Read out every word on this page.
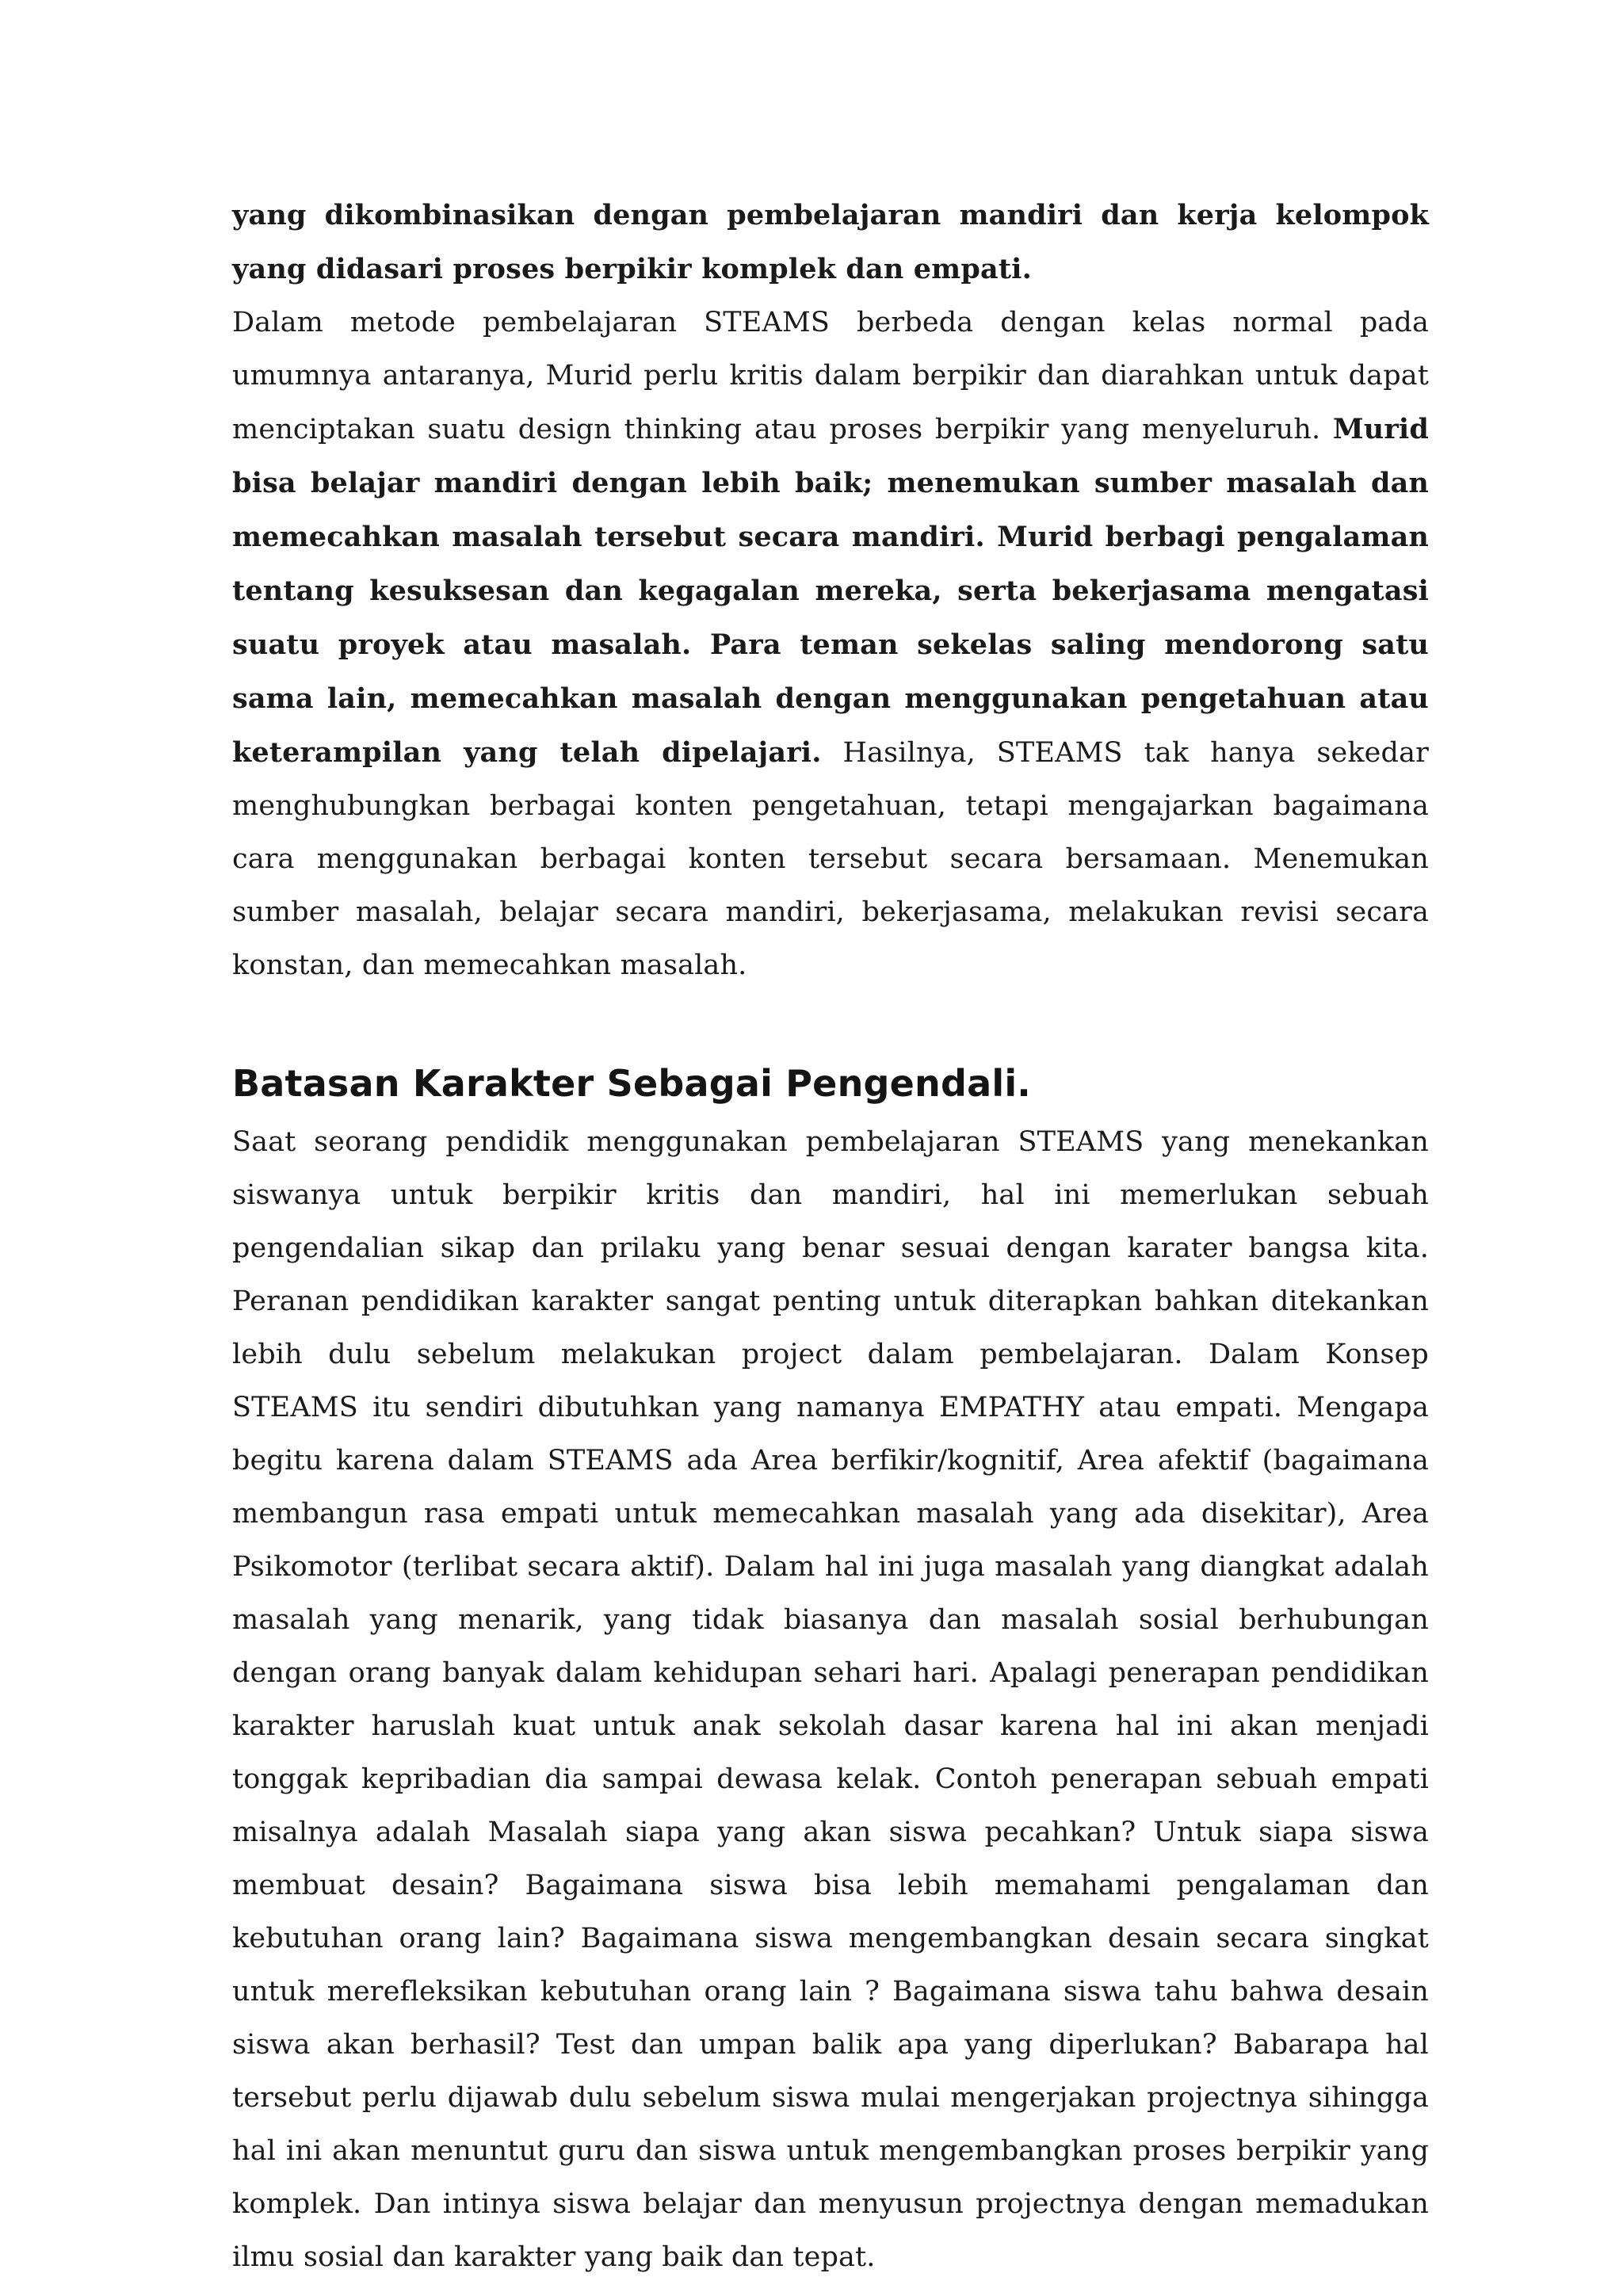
yang dikombinasikan dengan pembelajaran mandiri dan kerja kelompok yang didasari proses berpikir komplek dan empati.

Dalam metode pembelajaran STEAMS berbeda dengan kelas normal pada umumnya antaranya, Murid perlu kritis dalam berpikir dan diarahkan untuk dapat menciptakan suatu design thinking atau proses berpikir yang menyeluruh. Murid bisa belajar mandiri dengan lebih baik; menemukan sumber masalah dan memecahkan masalah tersebut secara mandiri. Murid berbagi pengalaman tentang kesuksesan dan kegagalan mereka, serta bekerjasama mengatasi suatu proyek atau masalah. Para teman sekelas saling mendorong satu sama lain, memecahkan masalah dengan menggunakan pengetahuan atau keterampilan yang telah dipelajari. Hasilnya, STEAMS tak hanya sekedar menghubungkan berbagai konten pengetahuan, tetapi mengajarkan bagaimana cara menggunakan berbagai konten tersebut secara bersamaan. Menemukan sumber masalah, belajar secara mandiri, bekerjasama, melakukan revisi secara konstan, dan memecahkan masalah.

Batasan Karakter Sebagai Pengendali.

Saat seorang pendidik menggunakan pembelajaran STEAMS yang menekankan siswanya untuk berpikir kritis dan mandiri, hal ini memerlukan sebuah pengendalian sikap dan prilaku yang benar sesuai dengan karater bangsa kita. Peranan pendidikan karakter sangat penting untuk diterapkan bahkan ditekankan lebih dulu sebelum melakukan project dalam pembelajaran. Dalam Konsep STEAMS itu sendiri dibutuhkan yang namanya EMPATHY atau empati. Mengapa begitu karena dalam STEAMS ada Area berfikir/kognitif, Area afektif (bagaimana membangun rasa empati untuk memecahkan masalah yang ada disekitar), Area Psikomotor (terlibat secara aktif). Dalam hal ini juga masalah yang diangkat adalah masalah yang menarik, yang tidak biasanya dan masalah sosial berhubungan dengan orang banyak dalam kehidupan sehari hari. Apalagi penerapan pendidikan karakter haruslah kuat untuk anak sekolah dasar karena hal ini akan menjadi tonggak kepribadian dia sampai dewasa kelak. Contoh penerapan sebuah empati misalnya adalah Masalah siapa yang akan siswa pecahkan? Untuk siapa siswa membuat desain? Bagaimana siswa bisa lebih memahami pengalaman dan kebutuhan orang lain? Bagaimana siswa mengembangkan desain secara singkat untuk merefleksikan kebutuhan orang lain ? Bagaimana siswa tahu bahwa desain siswa akan berhasil? Test dan umpan balik apa yang diperlukan? Babarapa hal tersebut perlu dijawab dulu sebelum siswa mulai mengerjakan projectnya sihingga hal ini akan menuntut guru dan siswa untuk mengembangkan proses berpikir yang komplek. Dan intinya siswa belajar dan menyusun projectnya dengan memadukan ilmu sosial dan karakter yang baik dan tepat.
